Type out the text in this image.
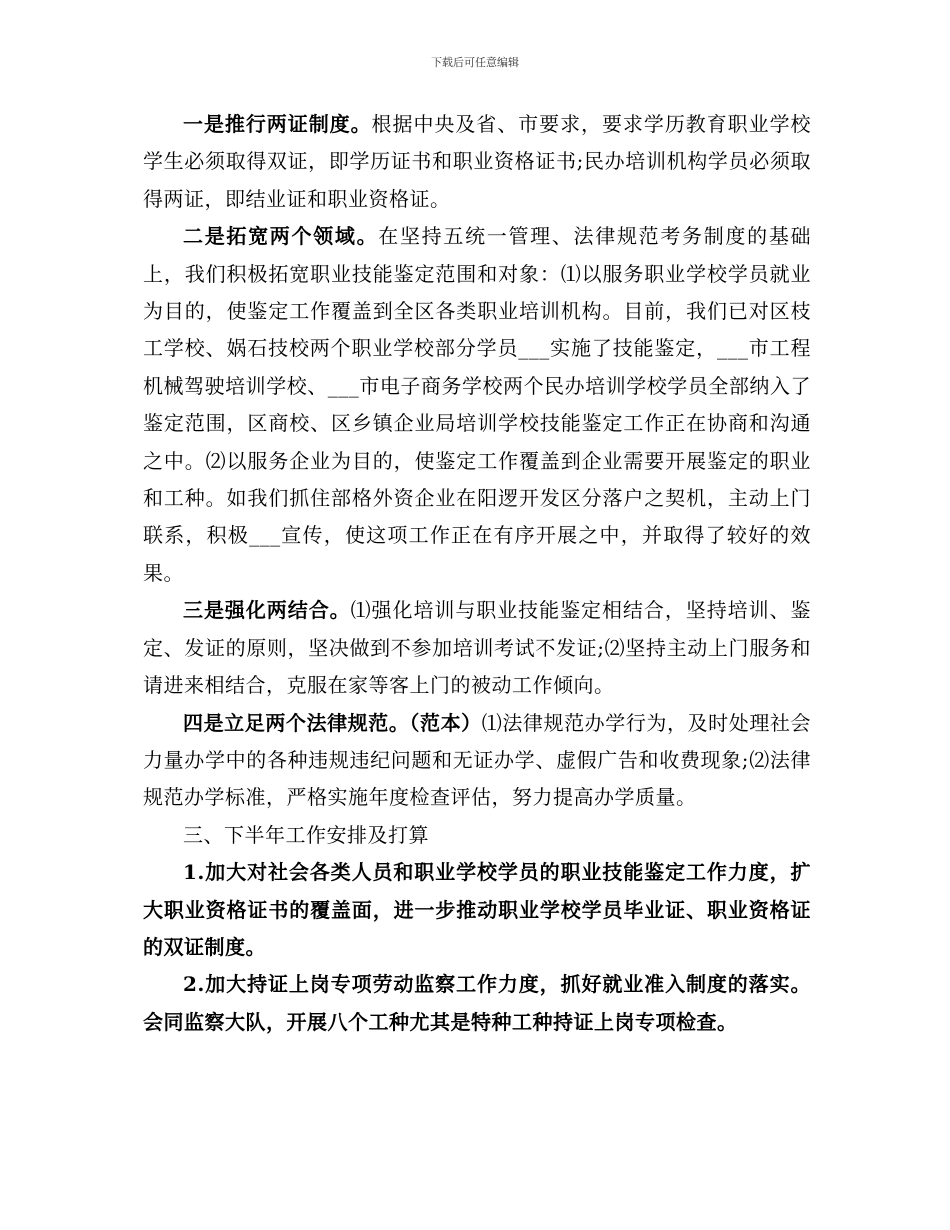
下载后可任意编辑

一是推行两证制度。根据中央及省、市要求，要求学历教育职业学校学生必须取得双证，即学历证书和职业资格证书;民办培训机构学员必须取得两证，即结业证和职业资格证。

二是拓宽两个领域。在坚持五统一管理、法律规范考务制度的基础上，我们积极拓宽职业技能鉴定范围和对象：⑴以服务职业学校学员就业为目的，使鉴定工作覆盖到全区各类职业培训机构。目前，我们已对区枝工学校、娲石技校两个职业学校部分学员___实施了技能鉴定，___市工程机械驾驶培训学校、___市电子商务学校两个民办培训学校学员全部纳入了鉴定范围，区商校、区乡镇企业局培训学校技能鉴定工作正在协商和沟通之中。⑵以服务企业为目的，使鉴定工作覆盖到企业需要开展鉴定的职业和工种。如我们抓住部格外资企业在阳逻开发区分落户之契机，主动上门联系，积极___宣传，使这项工作正在有序开展之中，并取得了较好的效果。

三是强化两结合。⑴强化培训与职业技能鉴定相结合，坚持培训、鉴定、发证的原则，坚决做到不参加培训考试不发证;⑵坚持主动上门服务和请进来相结合，克服在家等客上门的被动工作倾向。

四是立足两个法律规范。（范本）⑴法律规范办学行为，及时处理社会力量办学中的各种违规违纪问题和无证办学、虚假广告和收费现象;⑵法律规范办学标准，严格实施年度检查评估，努力提高办学质量。

三、下半年工作安排及打算

1.加大对社会各类人员和职业学校学员的职业技能鉴定工作力度，扩大职业资格证书的覆盖面，进一步推动职业学校学员毕业证、职业资格证的双证制度。

2.加大持证上岗专项劳动监察工作力度，抓好就业准入制度的落实。会同监察大队，开展八个工种尤其是特种工种持证上岗专项检查。
